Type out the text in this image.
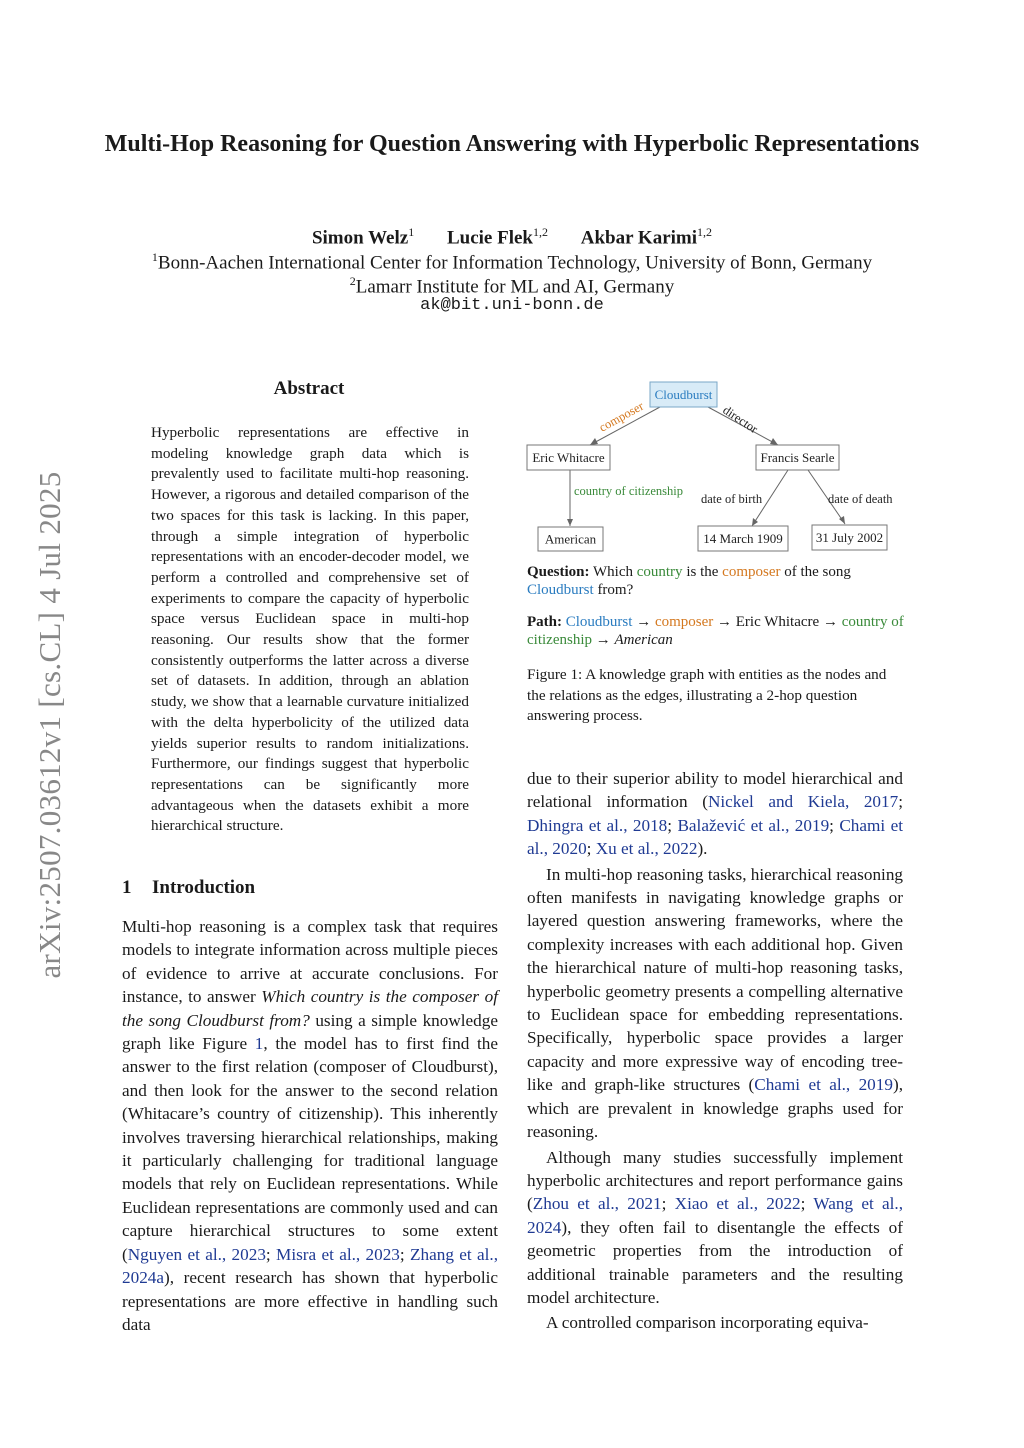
Multi-Hop Reasoning for Question Answering with Hyperbolic Representations
Simon Welz$^1$ Lucie Flek$^{1,2}$ Akbar Karimi$^{1,2}$
$^1$Bonn-Aachen International Center for Information Technology, University of Bonn, Germany
$^2$Lamarr Institute for ML and AI, Germany
ak@bit.uni-bonn.de
arXiv:2507.03612v1 [cs.CL] 4 Jul 2025
Abstract
Hyperbolic representations are effective in modeling knowledge graph data which is prevalently used to facilitate multi-hop reasoning. However, a rigorous and detailed comparison of the two spaces for this task is lacking. In this paper, through a simple integration of hyperbolic representations with an encoder-decoder model, we perform a controlled and comprehensive set of experiments to compare the capacity of hyperbolic space versus Euclidean space in multi-hop reasoning. Our results show that the former consistently outperforms the latter across a diverse set of datasets. In addition, through an ablation study, we show that a learnable curvature initialized with the delta hyperbolicity of the utilized data yields superior results to random initializations. Furthermore, our findings suggest that hyperbolic representations can be significantly more advantageous when the datasets exhibit a more hierarchical structure.
1 Introduction
Multi-hop reasoning is a complex task that requires models to integrate information across multiple pieces of evidence to arrive at accurate conclusions. For instance, to answer Which country is the composer of the song Cloudburst from? using a simple knowledge graph like Figure 1, the model has to first find the answer to the first relation (composer of Cloudburst), and then look for the answer to the second relation (Whitacare’s country of citizenship). This inherently involves traversing hierarchical relationships, making it particularly challenging for traditional language models that rely on Euclidean representations. While Euclidean representations are commonly used and can capture hierarchical structures to some extent (Nguyen et al., 2023; Misra et al., 2023; Zhang et al., 2024a), recent research has shown that hyperbolic representations are more effective in handling such data
composer	director
country of citizenship
date of birth	date of death
Cloudburst
Eric Whitacre	Francis Searle
American	14 March 1909	31 July 2002
Question: Which country is the composer of the song Cloudburst from?
Path: Cloudburst → composer → Eric Whitacre → country of citizenship → American
Figure 1: A knowledge graph with entities as the nodes and the relations as the edges, illustrating a 2-hop question answering process.

due to their superior ability to model hierarchical and relational information (Nickel and Kiela, 2017; Dhingra et al., 2018; Balažević et al., 2019; Chami et al., 2020; Xu et al., 2022).

In multi-hop reasoning tasks, hierarchical reasoning often manifests in navigating knowledge graphs or layered question answering frameworks, where the complexity increases with each additional hop. Given the hierarchical nature of multi-hop reasoning tasks, hyperbolic geometry presents a compelling alternative to Euclidean space for embedding representations. Specifically, hyperbolic space provides a larger capacity and more expressive way of encoding tree-like and graph-like structures (Chami et al., 2019), which are prevalent in knowledge graphs used for reasoning.

Although many studies successfully implement hyperbolic architectures and report performance gains (Zhou et al., 2021; Xiao et al., 2022; Wang et al., 2024), they often fail to disentangle the effects of geometric properties from the introduction of additional trainable parameters and the resulting model architecture.

A controlled comparison incorporating equiva-
